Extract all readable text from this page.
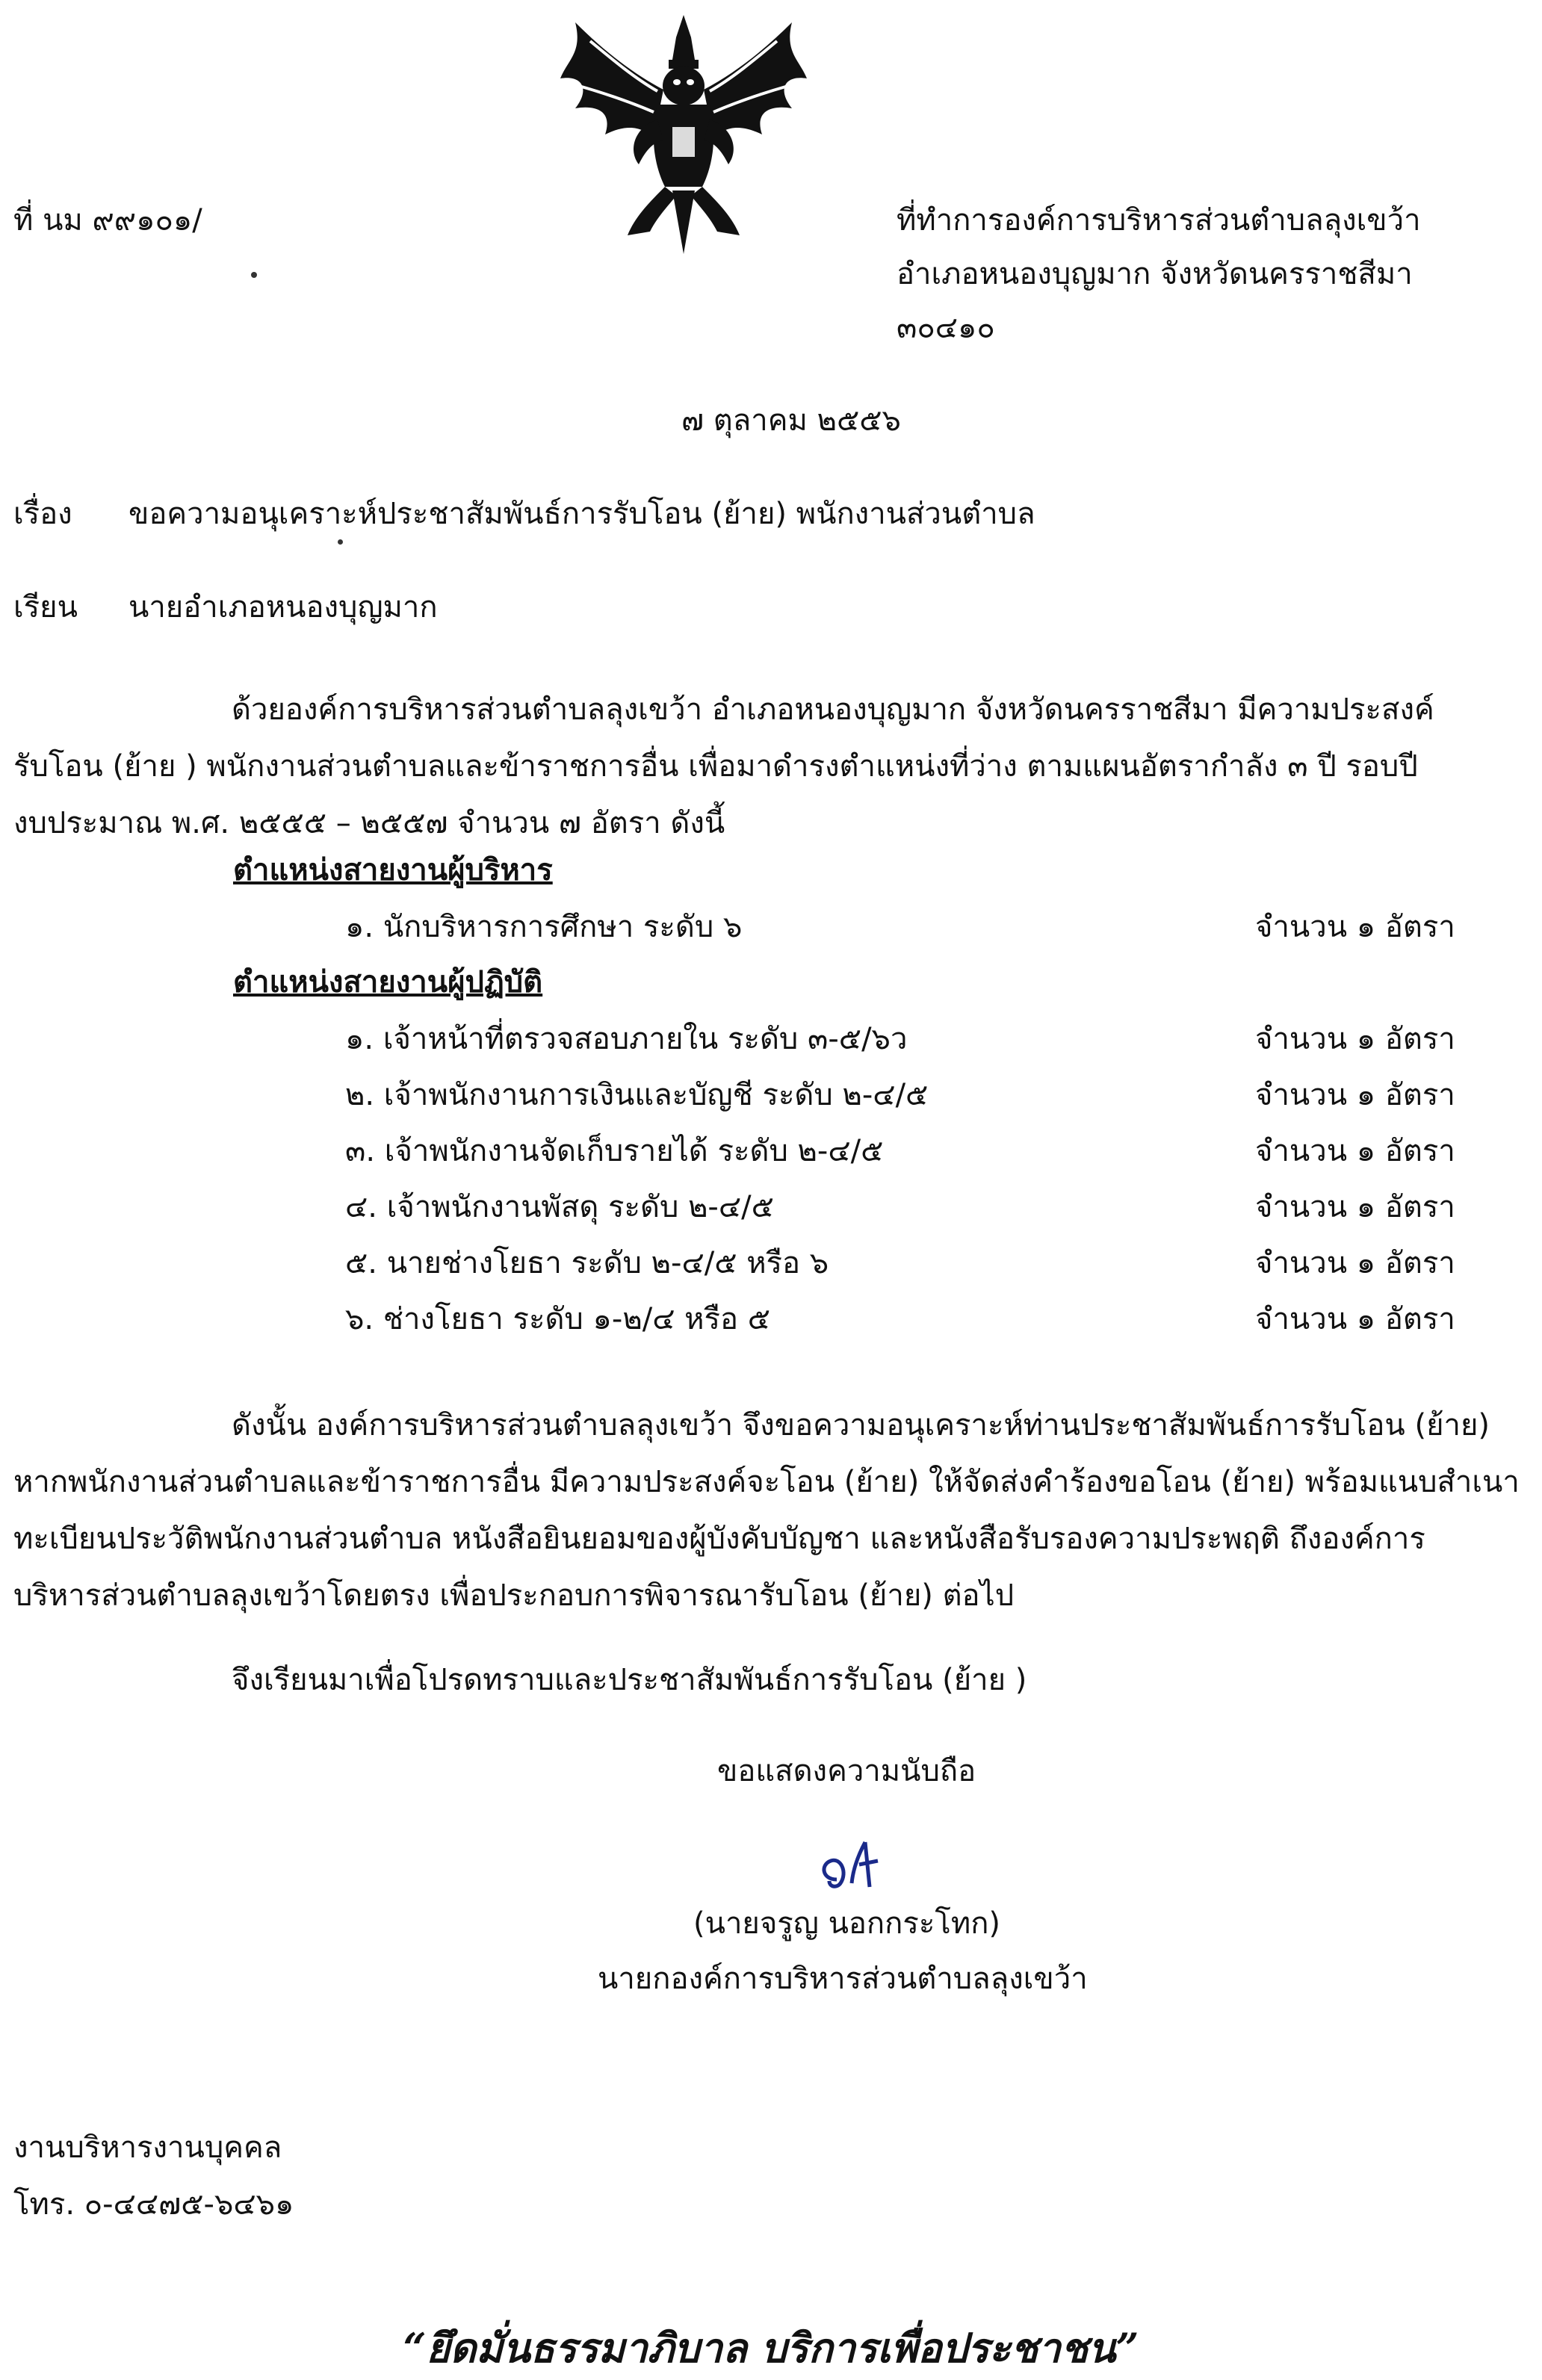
ที่ นม ๙๙๑๐๑/	ที่ทำการองค์การบริหารส่วนตำบลลุงเขว้า
อำเภอหนองบุญมาก จังหวัดนครราชสีมา
๓๐๔๑๐
๗ ตุลาคม ๒๕๕๖
เรื่อง ขอความอนุเคราะห์ประชาสัมพันธ์การรับโอน (ย้าย) พนักงานส่วนตำบล
เรียน นายอำเภอหนองบุญมาก
ด้วยองค์การบริหารส่วนตำบลลุงเขว้า อำเภอหนองบุญมาก จังหวัดนครราชสีมา มีความประสงค์
รับโอน (ย้าย ) พนักงานส่วนตำบลและข้าราชการอื่น เพื่อมาดำรงตำแหน่งที่ว่าง ตามแผนอัตรากำลัง ๓ ปี รอบปี
งบประมาณ พ.ศ. ๒๕๕๕ – ๒๕๕๗ จำนวน ๗ อัตรา ดังนี้
ตำแหน่งสายงานผู้บริหาร
๑. นักบริหารการศึกษา ระดับ ๖	จำนวน ๑ อัตรา
ตำแหน่งสายงานผู้ปฏิบัติ
๑. เจ้าหน้าที่ตรวจสอบภายใน ระดับ ๓-๕/๖ว	จำนวน ๑ อัตรา
๒. เจ้าพนักงานการเงินและบัญชี ระดับ ๒-๔/๕	จำนวน ๑ อัตรา
๓. เจ้าพนักงานจัดเก็บรายได้ ระดับ ๒-๔/๕	จำนวน ๑ อัตรา
๔. เจ้าพนักงานพัสดุ ระดับ ๒-๔/๕	จำนวน ๑ อัตรา
๕. นายช่างโยธา ระดับ ๒-๔/๕ หรือ ๖	จำนวน ๑ อัตรา
๖. ช่างโยธา ระดับ ๑-๒/๔ หรือ ๕	จำนวน ๑ อัตรา
ดังนั้น องค์การบริหารส่วนตำบลลุงเขว้า จึงขอความอนุเคราะห์ท่านประชาสัมพันธ์การรับโอน (ย้าย)
หากพนักงานส่วนตำบลและข้าราชการอื่น มีความประสงค์จะโอน (ย้าย) ให้จัดส่งคำร้องขอโอน (ย้าย) พร้อมแนบสำเนา
ทะเบียนประวัติพนักงานส่วนตำบล หนังสือยินยอมของผู้บังคับบัญชา และหนังสือรับรองความประพฤติ ถึงองค์การ
บริหารส่วนตำบลลุงเขว้าโดยตรง เพื่อประกอบการพิจารณารับโอน (ย้าย) ต่อไป
จึงเรียนมาเพื่อโปรดทราบและประชาสัมพันธ์การรับโอน (ย้าย )
ขอแสดงความนับถือ
(นายจรูญ นอกกระโทก)
นายกองค์การบริหารส่วนตำบลลุงเขว้า
งานบริหารงานบุคคล
โทร. ๐-๔๔๗๕-๖๔๖๑
“ยึดมั่นธรรมาภิบาล บริการเพื่อประชาชน”
